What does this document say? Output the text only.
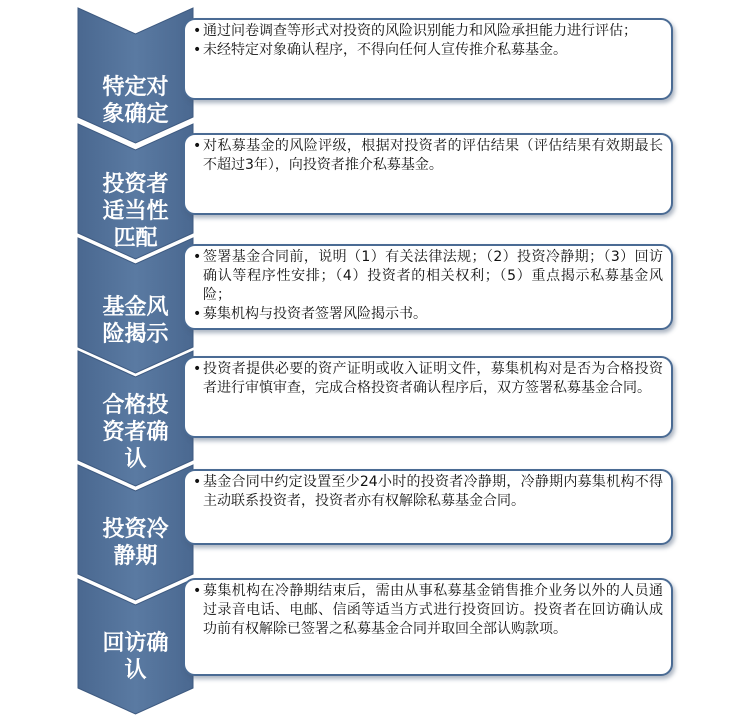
特定对
象确定
投资者
适当性
匹配
基金风
险揭示
合格投
资者确
认
投资冷
静期
回访确
认
• 通过问卷调查等形式对投资的风险识别能力和风险承担能力进行评估；
• 未经特定对象确认程序，不得向任何人宣传推介私募基金。
• 对私募基金的风险评级，根据对投资者的评估结果（评估结果有效期最长不超过3年），向投资者推介私募基金。
• 签署基金合同前，说明（1）有关法律法规；（2）投资冷静期；（3）回访确认等程序性安排；（4）投资者的相关权利；（5）重点揭示私募基金风险；
• 募集机构与投资者签署风险揭示书。
• 投资者提供必要的资产证明或收入证明文件，募集机构对是否为合格投资者进行审慎审查，完成合格投资者确认程序后，双方签署私募基金合同。
• 基金合同中约定设置至少24小时的投资者冷静期，冷静期内募集机构不得主动联系投资者，投资者亦有权解除私募基金合同。
• 募集机构在冷静期结束后，需由从事私募基金销售推介业务以外的人员通过录音电话、电邮、信函等适当方式进行投资回访。投资者在回访确认成功前有权解除已签署之私募基金合同并取回全部认购款项。
